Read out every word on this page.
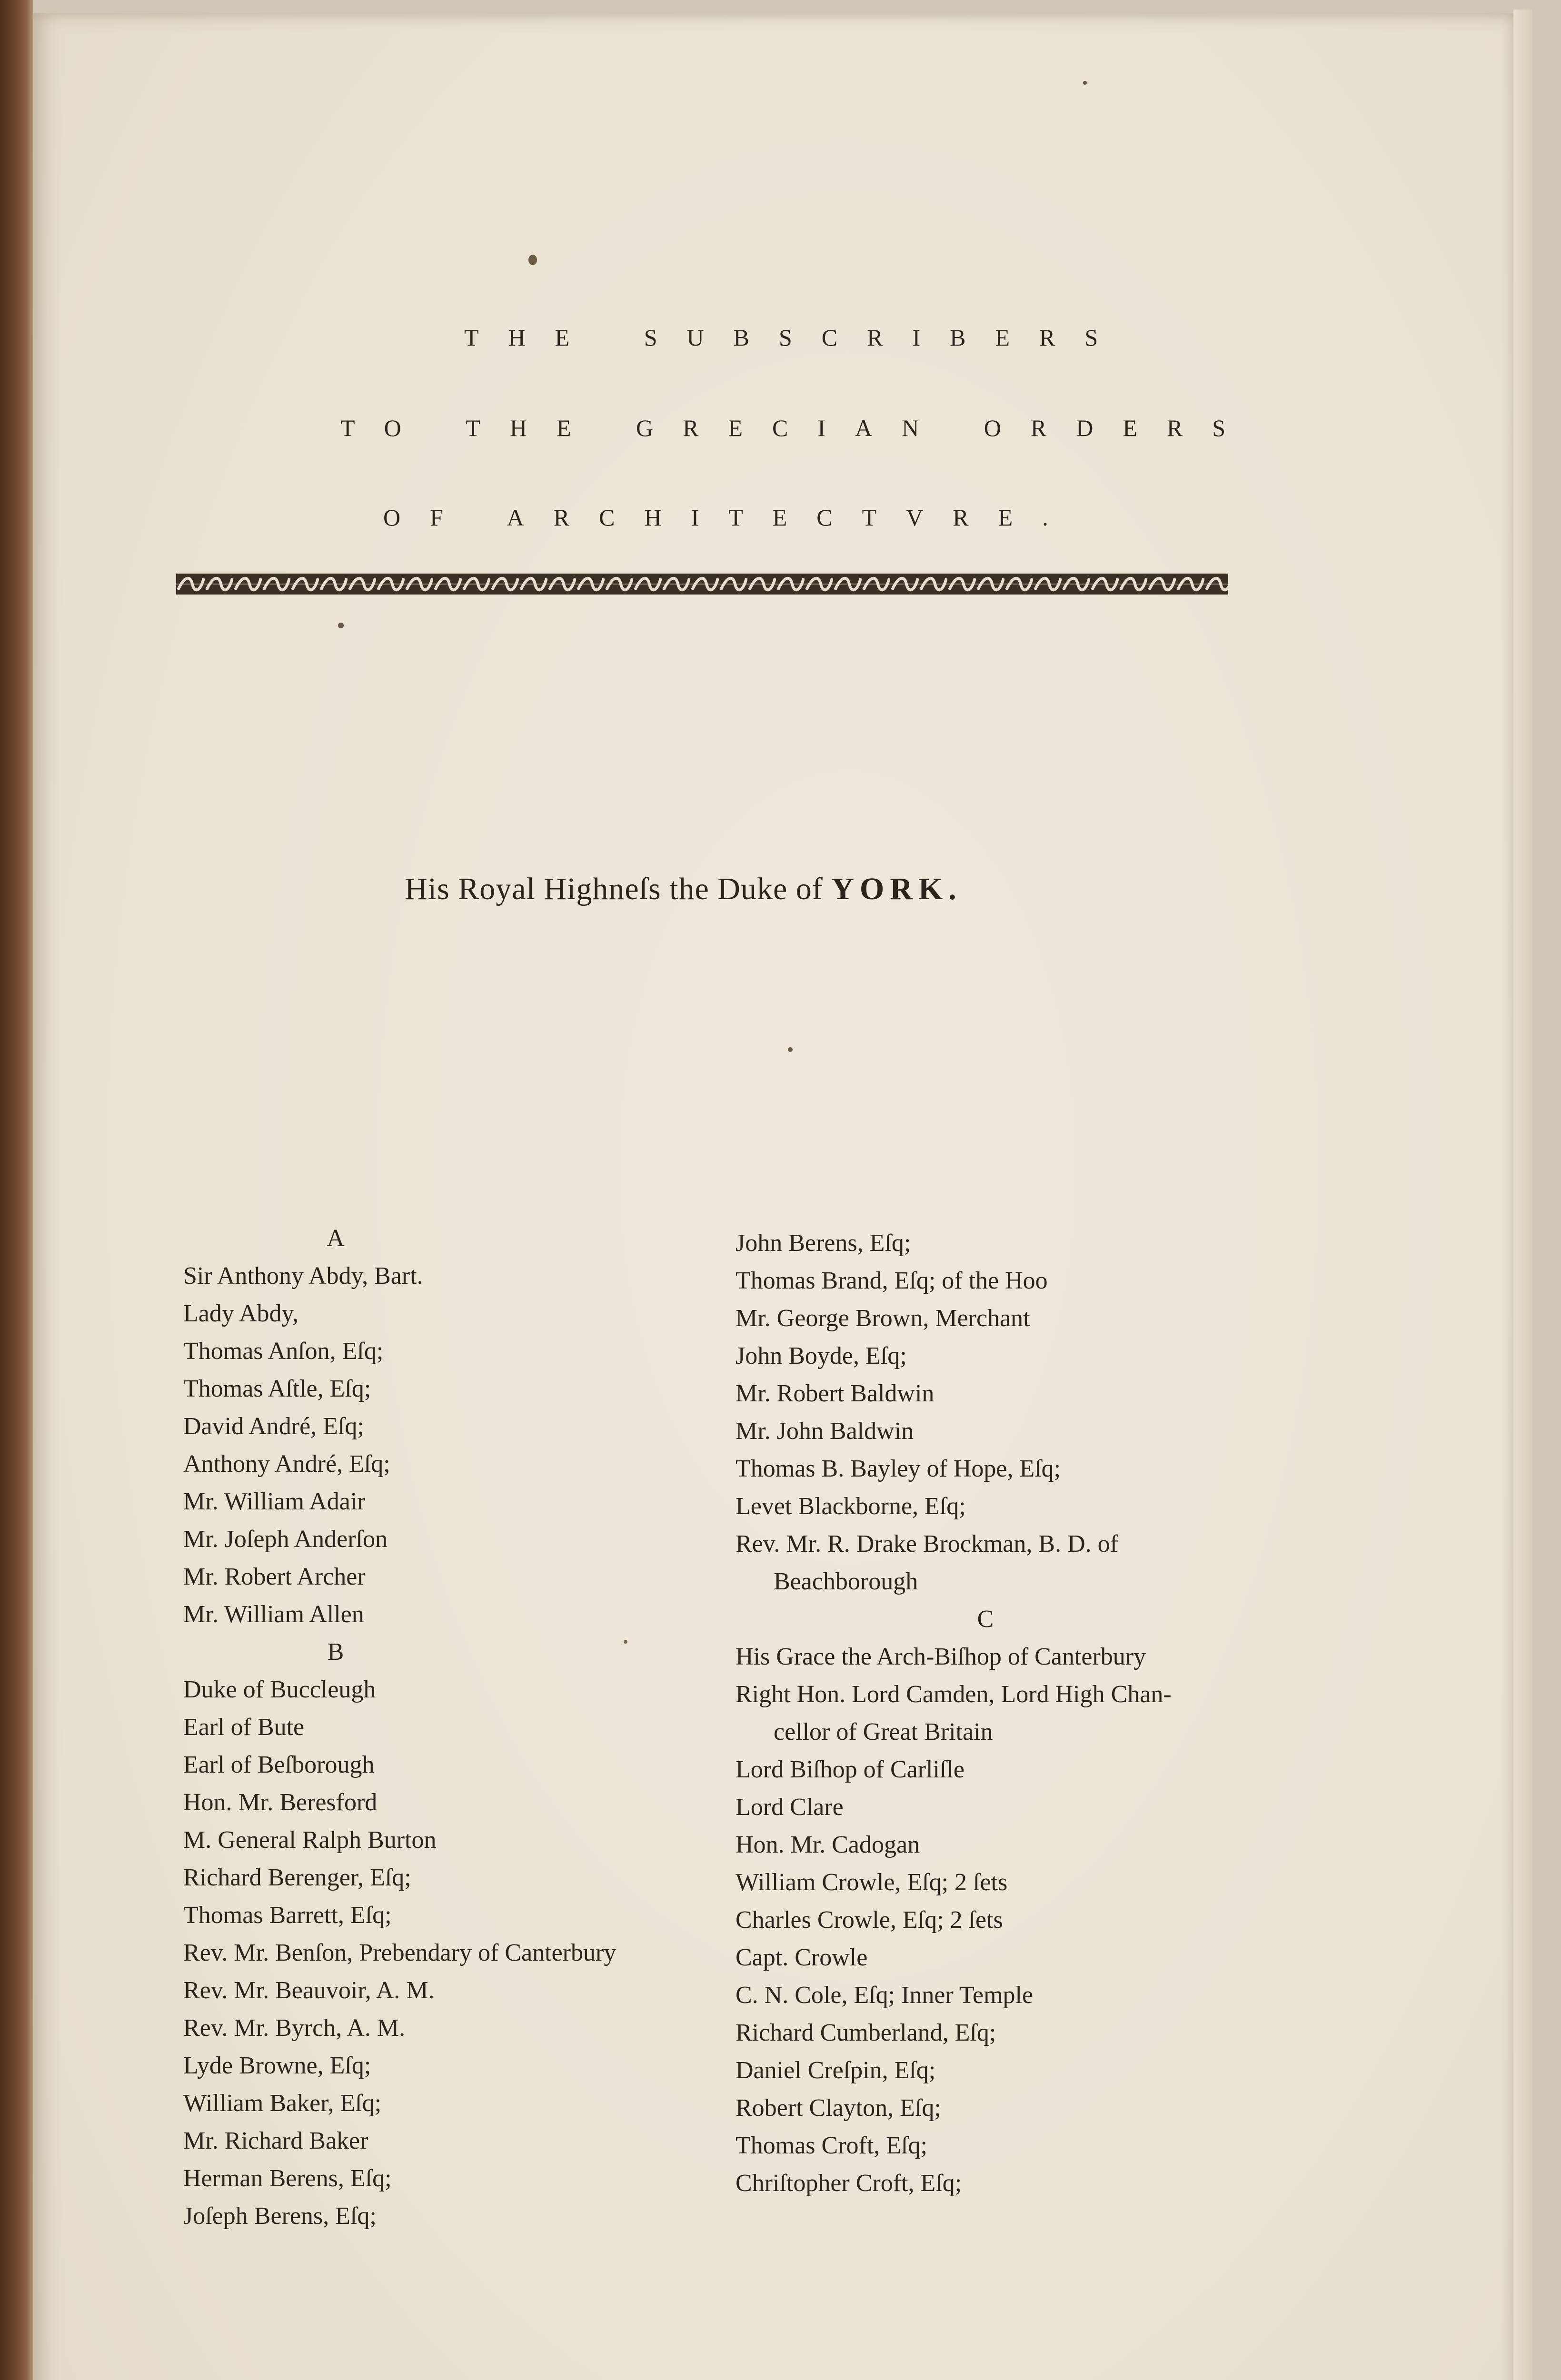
THE SUBSCRIBERS

TO THE GRECIAN ORDERS

OF ARCHITECTVRE.

His Royal Highneſs the Duke of YORK.
A
Sir Anthony Abdy, Bart.
Lady Abdy,
Thomas Anſon, Eſq;
Thomas Aſtle, Eſq;
David André, Eſq;
Anthony André, Eſq;
Mr. William Adair
Mr. Joſeph Anderſon
Mr. Robert Archer
Mr. William Allen
B
Duke of Buccleugh
Earl of Bute
Earl of Beſborough
Hon. Mr. Beresford
M. General Ralph Burton
Richard Berenger, Eſq;
Thomas Barrett, Eſq;
Rev. Mr. Benſon, Prebendary of Canterbury
Rev. Mr. Beauvoir, A. M.
Rev. Mr. Byrch, A. M.
Lyde Browne, Eſq;
William Baker, Eſq;
Mr. Richard Baker
Herman Berens, Eſq;
Joſeph Berens, Eſq;
John Berens, Eſq;
Thomas Brand, Eſq; of the Hoo
Mr. George Brown, Merchant
John Boyde, Eſq;
Mr. Robert Baldwin
Mr. John Baldwin
Thomas B. Bayley of Hope, Eſq;
Levet Blackborne, Eſq;
Rev. Mr. R. Drake Brockman, B. D. of
Beachborough
C
His Grace the Arch-Biſhop of Canterbury
Right Hon. Lord Camden, Lord High Chan-
cellor of Great Britain
Lord Biſhop of Carliſle
Lord Clare
Hon. Mr. Cadogan
William Crowle, Eſq; 2 ſets
Charles Crowle, Eſq; 2 ſets
Capt. Crowle
C. N. Cole, Eſq; Inner Temple
Richard Cumberland, Eſq;
Daniel Creſpin, Eſq;
Robert Clayton, Eſq;
Thomas Croft, Eſq;
Chriſtopher Croft, Eſq;
